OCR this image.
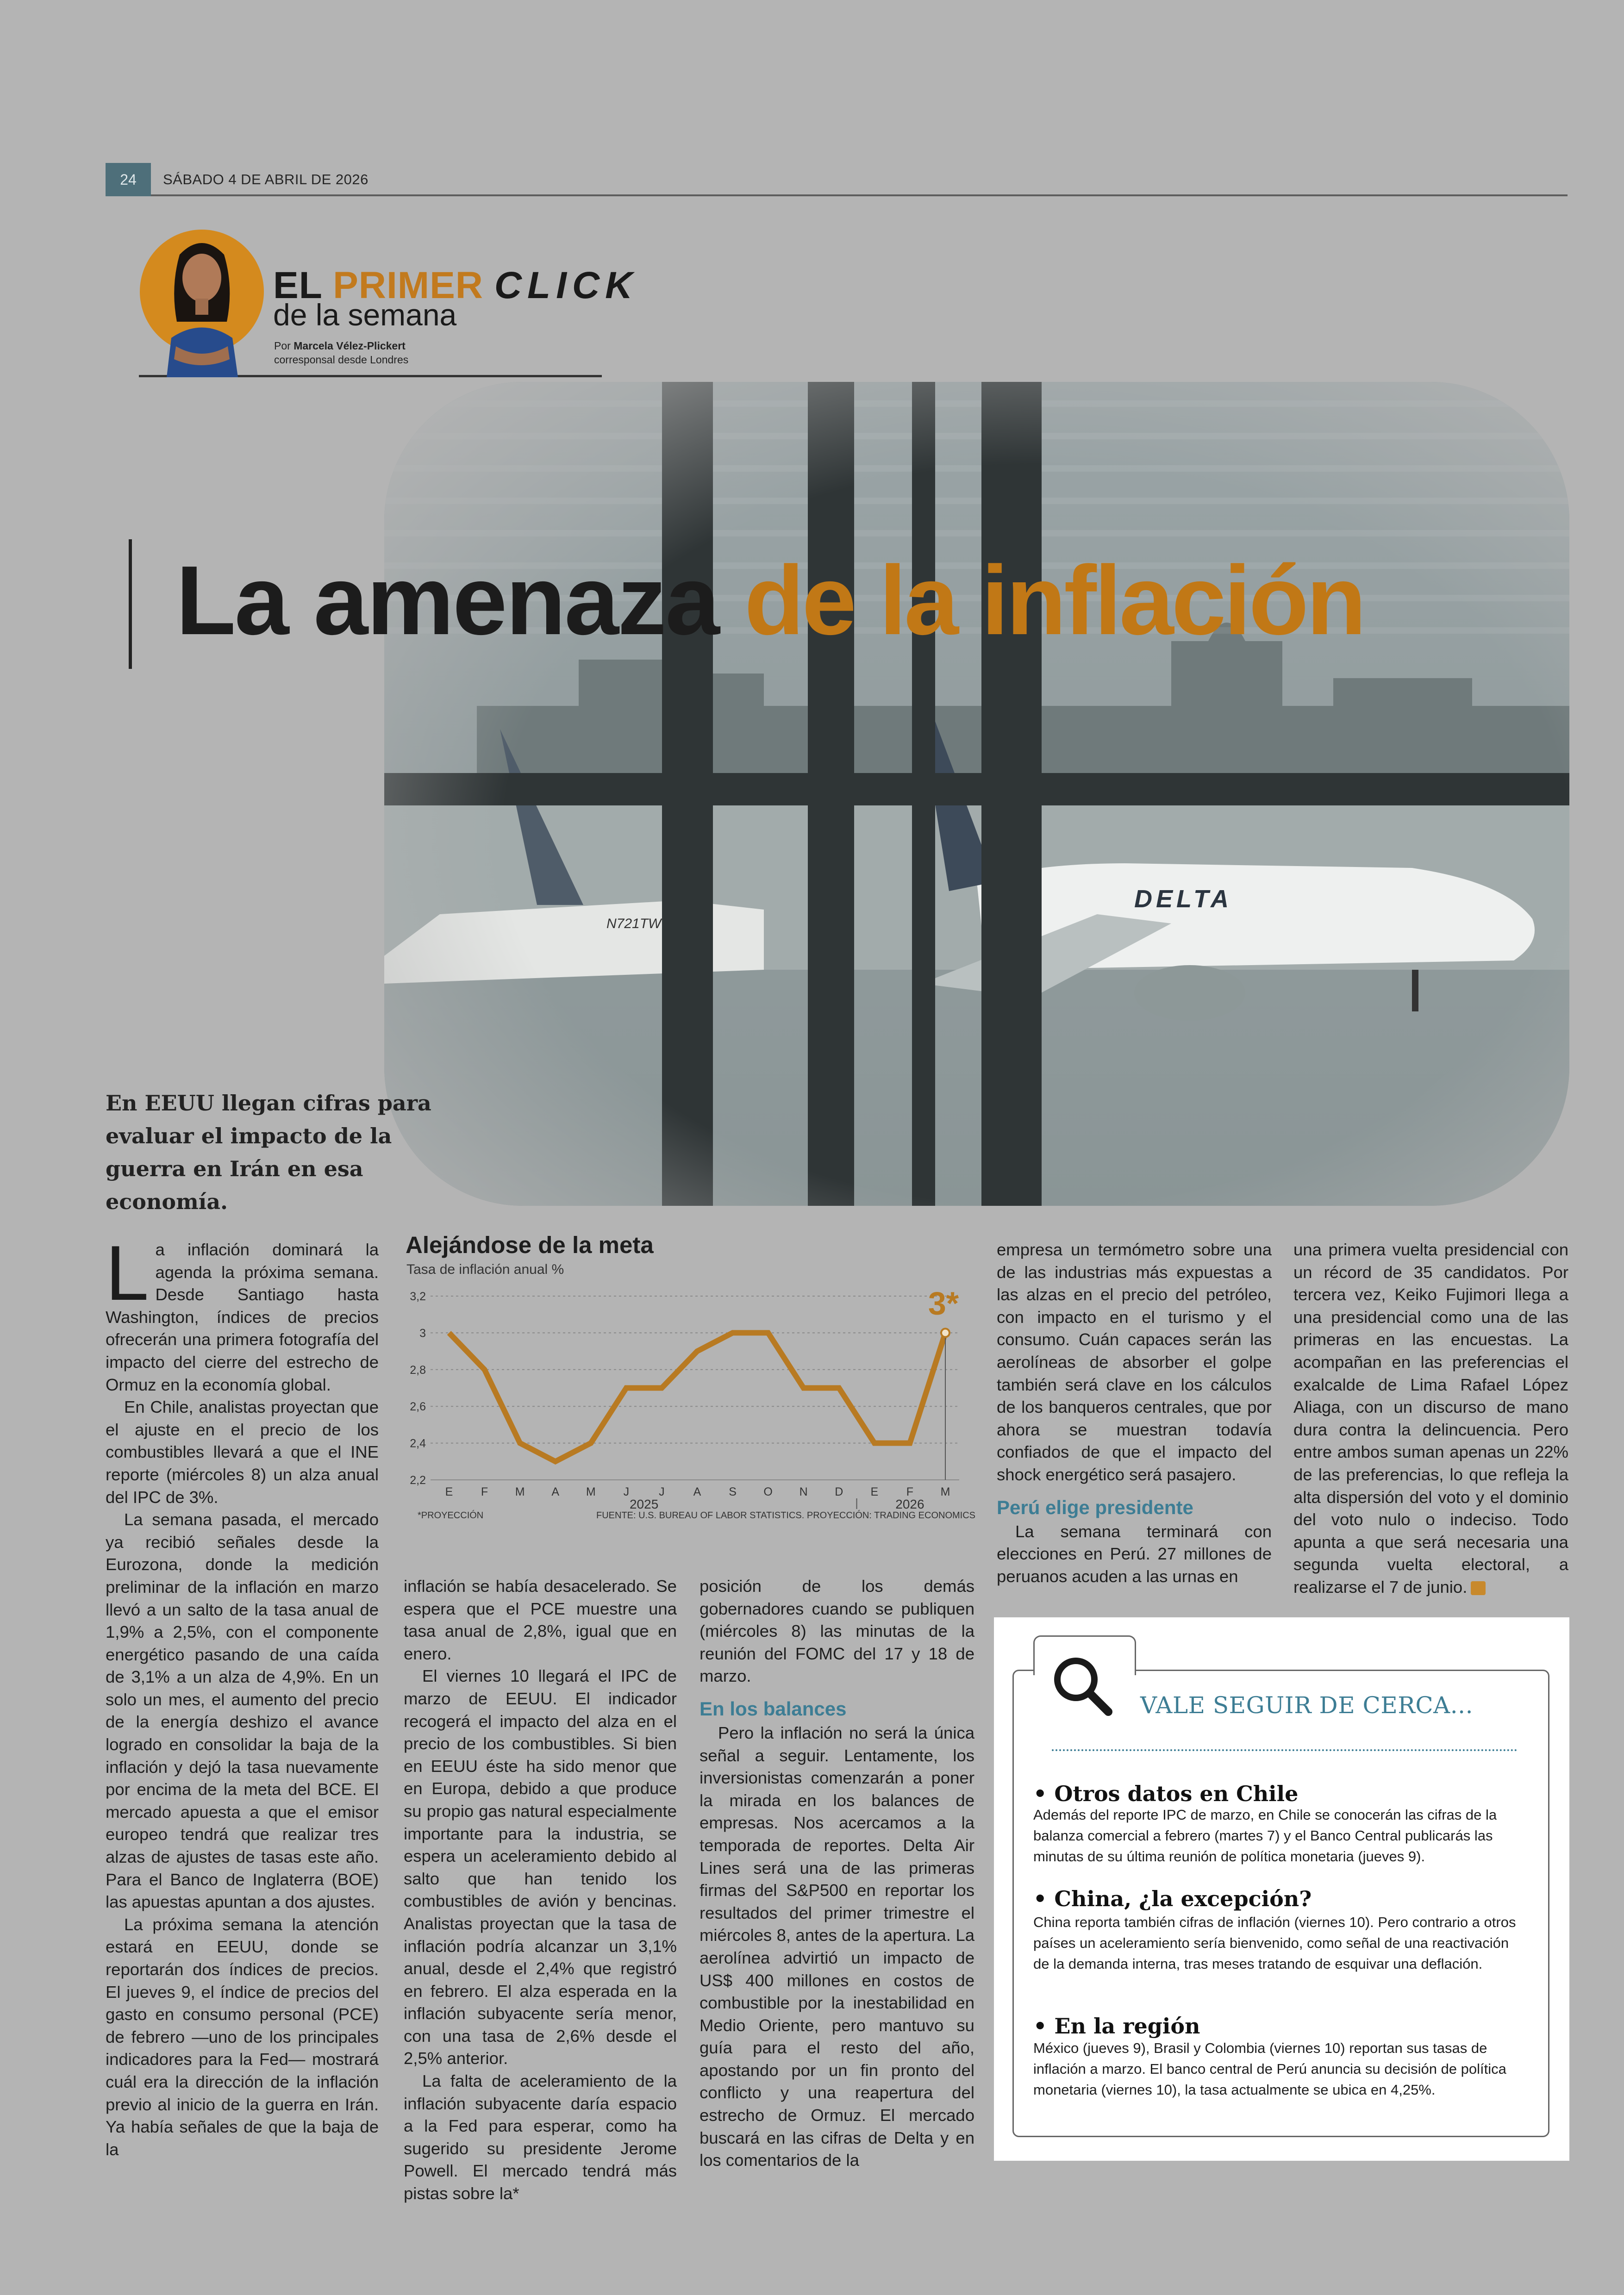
24	SÁBADO 4 DE ABRIL DE 2026
EL PRIMER CLICK
de la semana
Por Marcela Vélez-Plickert
corresponsal desde Londres
La amenaza de la inflación
En EEUU llegan cifras para evaluar el impacto de la guerra en Irán en esa economía.

La inflación dominará la agenda la próxima semana. Desde Santiago hasta Washington, índices de precios ofrecerán una primera fotografía del impacto del cierre del estrecho de Ormuz en la economía global.

En Chile, analistas proyectan que el ajuste en el precio de los combustibles llevará a que el INE reporte (miércoles 8) un alza anual del IPC de 3%.

La semana pasada, el mercado ya recibió señales desde la Eurozona, donde la medición preliminar de la inflación en marzo llevó a un salto de la tasa anual de 1,9% a 2,5%, con el componente energético pasando de una caída de 3,1% a un alza de 4,9%. En un solo un mes, el aumento del precio de la energía deshizo el avance logrado en consolidar la baja de la inflación y dejó la tasa nuevamente por encima de la meta del BCE. El mercado apuesta a que el emisor europeo tendrá que realizar tres alzas de ajustes de tasas este año. Para el Banco de Inglaterra (BOE) las apuestas apuntan a dos ajustes.

La próxima semana la atención estará en EEUU, donde se reportarán dos índices de precios. El jueves 9, el índice de precios del gasto en consumo personal (PCE) de febrero —uno de los principales indicadores para la Fed— mostrará cuál era la dirección de la inflación previo al inicio de la guerra en Irán. Ya había señales de que la baja de la

Alejándose de la meta
Tasa de inflación anual %
2,2
2,4
2,6
2,8
3
3,2
E F M A M J	J A S O N D E F M
2025	2026
3*
*PROYECCIÓN	FUENTE: U.S. BUREAU OF LABOR STATISTICS. PROYECCIÓN: TRADING ECONOMICS

inflación se había desacelerado. Se espera que el PCE muestre una tasa anual de 2,8%, igual que en enero.

El viernes 10 llegará el IPC de marzo de EEUU. El indicador recogerá el impacto del alza en el precio de los combustibles. Si bien en EEUU éste ha sido menor que en Europa, debido a que produce su propio gas natural especialmente importante para la industria, se espera un aceleramiento debido al salto que han tenido los combustibles de avión y bencinas. Analistas proyectan que la tasa de inflación podría alcanzar un 3,1% anual, desde el 2,4% que registró en febrero. El alza esperada en la inflación subyacente sería menor, con una tasa de 2,6% desde el 2,5% anterior.

La falta de aceleramiento de la inflación subyacente daría espacio a la Fed para esperar, como ha sugerido su presidente Jerome Powell. El mercado tendrá más pistas sobre la*

posición de los demás gobernadores cuando se publiquen (miércoles 8) las minutas de la reunión del FOMC del 17 y 18 de marzo.

En los balances

Pero la inflación no será la única señal a seguir. Lentamente, los inversionistas comenzarán a poner la mirada en los balances de empresas. Nos acercamos a la temporada de reportes. Delta Air Lines será una de las primeras firmas del S&P500 en reportar los resultados del primer trimestre el miércoles 8, antes de la apertura. La aerolínea advirtió un impacto de US$ 400 millones en costos de combustible por la inestabilidad en Medio Oriente, pero mantuvo su guía para el resto del año, apostando por un fin pronto del conflicto y una reapertura del estrecho de Ormuz. El mercado buscará en las cifras de Delta y en los comentarios de la

empresa un termómetro sobre una de las industrias más expuestas a las alzas en el precio del petróleo, con impacto en el turismo y el consumo. Cuán capaces serán las aerolíneas de absorber el golpe también será clave en los cálculos de los banqueros centrales, que por ahora se muestran todavía confiados de que el impacto del shock energético será pasajero.

Perú elige presidente

La semana terminará con elecciones en Perú. 27 millones de peruanos acuden a las urnas en

una primera vuelta presidencial con un récord de 35 candidatos. Por tercera vez, Keiko Fujimori llega a una presidencial como una de las primeras en las encuestas. La acompañan en las preferencias el exalcalde de Lima Rafael López Aliaga, con un discurso de mano dura contra la delincuencia. Pero entre ambos suman apenas un 22% de las preferencias, lo que refleja la alta dispersión del voto y el dominio del voto nulo o indeciso. Todo apunta a que será necesaria una segunda vuelta electoral, a realizarse el 7 de junio.

VALE SEGUIR DE CERCA...
• Otros datos en Chile
Además del reporte IPC de marzo, en Chile se conocerán las cifras de la balanza comercial a febrero (martes 7) y el Banco Central publicarás las minutas de su última reunión de política monetaria (jueves 9).
• China, ¿la excepción?
China reporta también cifras de inflación (viernes 10). Pero contrario a otros países un aceleramiento sería bienvenido, como señal de una reactivación de la demanda interna, tras meses tratando de esquivar una deflación.
• En la región
México (jueves 9), Brasil y Colombia (viernes 10) reportan sus tasas de inflación a marzo. El banco central de Perú anuncia su decisión de política monetaria (viernes 10), la tasa actualmente se ubica en 4,25%.
